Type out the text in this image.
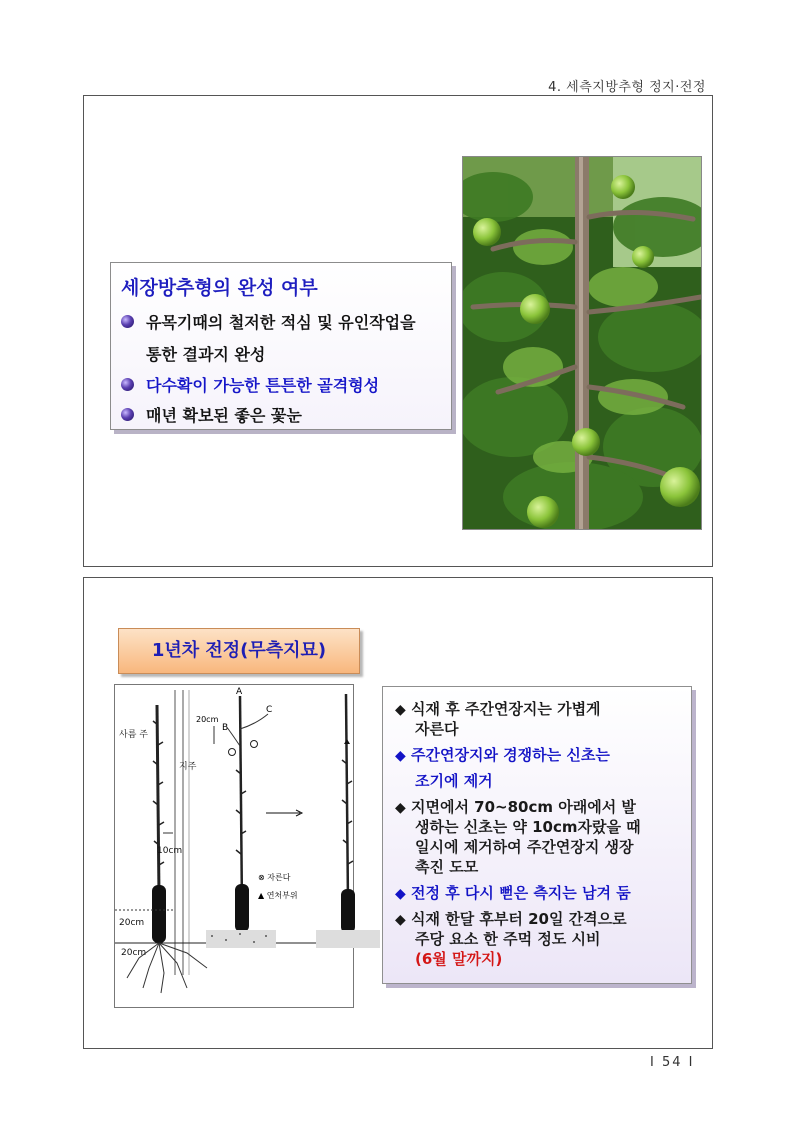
4. 세측지방추형 정지·전정
세장방추형의 완성 여부
유목기때의 철저한 적심 및 유인작업을
통한 결과지 완성
다수확이 가능한 튼튼한 골격형성
매년 확보된 좋은 꽃눈
1년차 전정(무측지묘)
사름 주
지주
10cm
20cm
20cm
A
B
C
20cm
⊗ 자른다
▲ 연처부위
◆ 식재 후 주간연장지는 가볍게
자른다
◆ 주간연장지와 경쟁하는 신초는
조기에 제거
◆ 지면에서 70~80cm 아래에서 발
생하는 신초는 약 10cm자랐을 때
일시에 제거하여 주간연장지 생장
촉진 도모
◆ 전정 후 다시 뻗은 측지는 남겨 둠
◆ 식재 한달 후부터 20일 간격으로
주당 요소 한 주먹 정도 시비
(6월 말까지)
Ⅰ 54 Ⅰ
